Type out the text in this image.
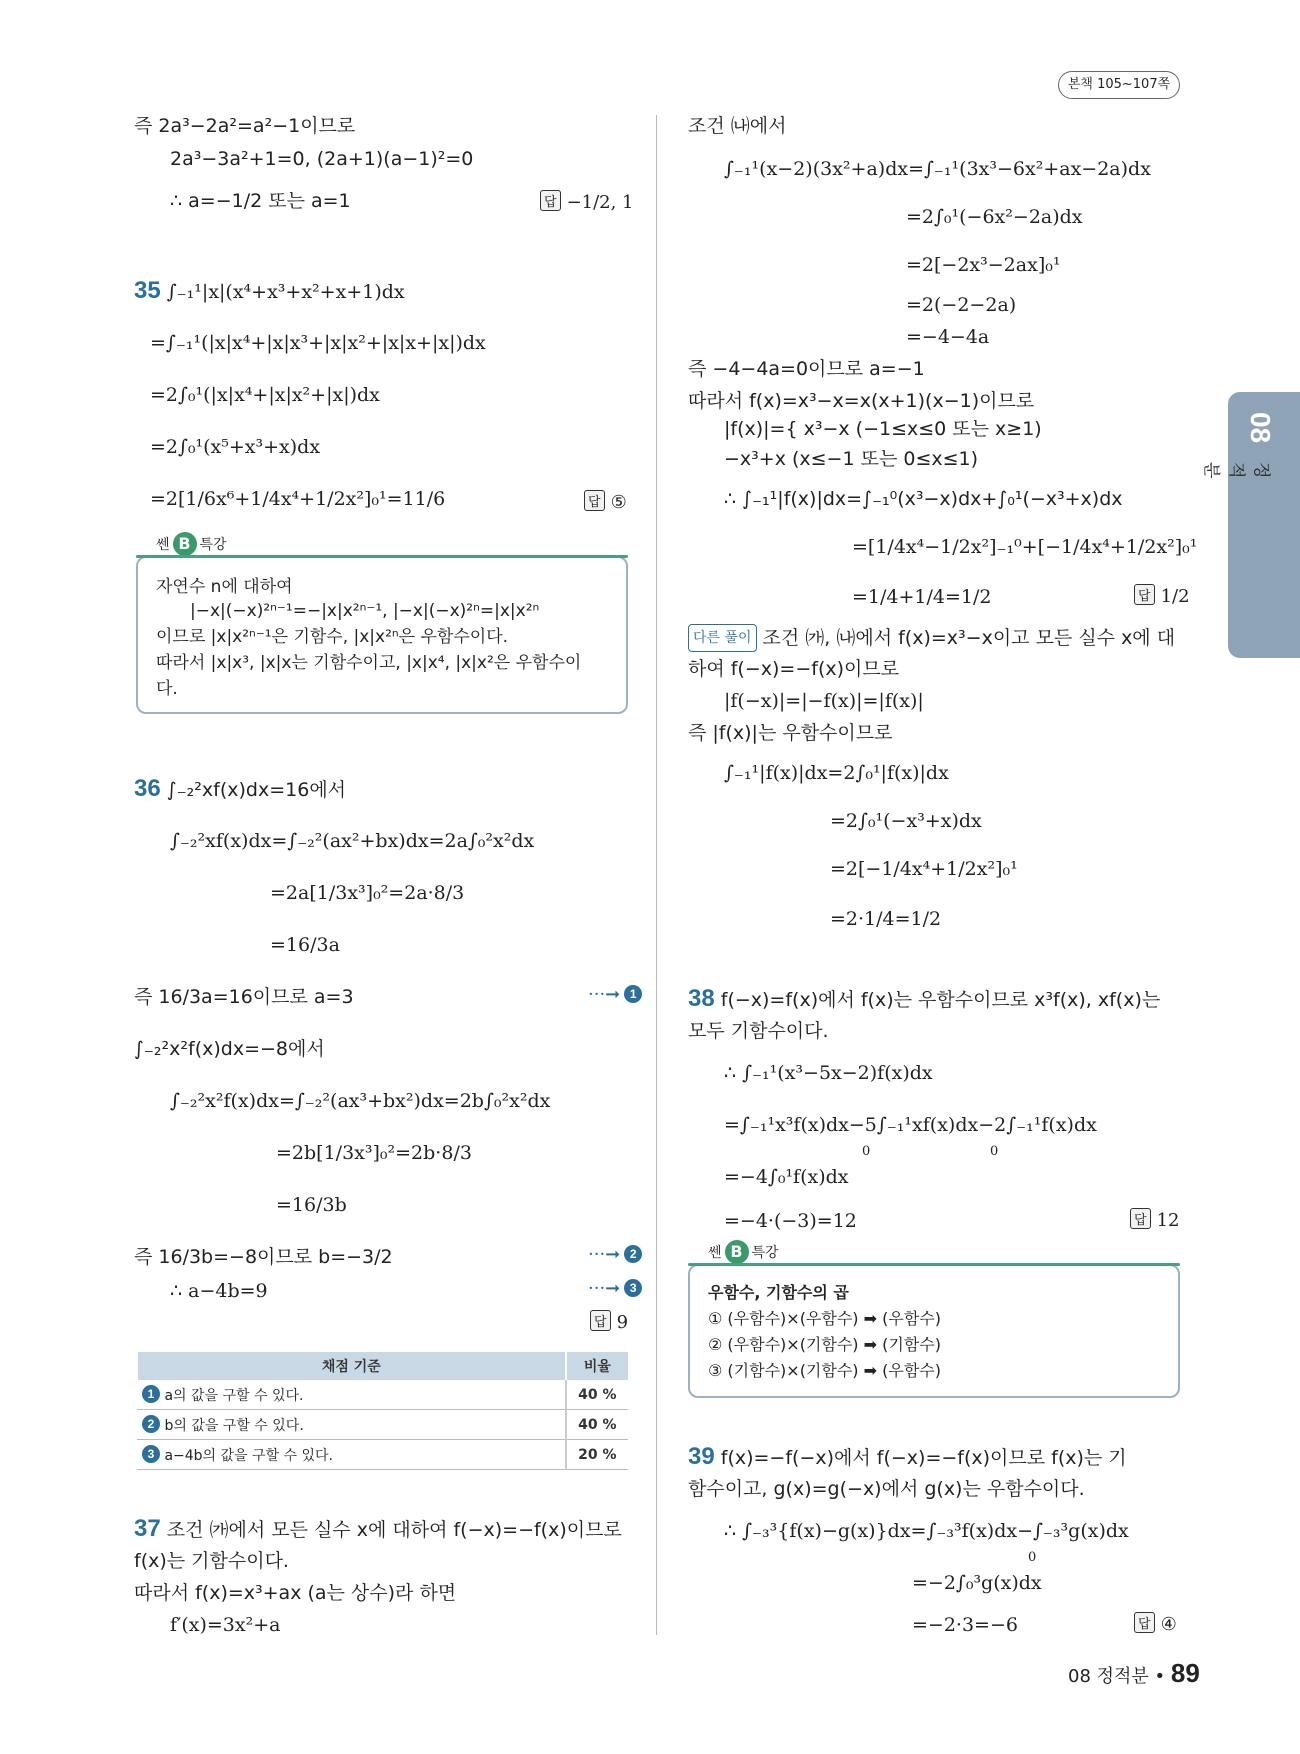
본책 105~107쪽
08
정적분
즉 2a³−2a²=a²−1이므로
2a³−3a²+1=0, (2a+1)(a−1)²=0
∴ a=−1/2 또는 a=1	답 −1/2, 1
35 ∫₋₁¹|x|(x⁴+x³+x²+x+1)dx
=∫₋₁¹(|x|x⁴+|x|x³+|x|x²+|x|x+|x|)dx
=2∫₀¹(|x|x⁴+|x|x²+|x|)dx
=2∫₀¹(x⁵+x³+x)dx
=2[1/6x⁶+1/4x⁴+1/2x²]₀¹=11/6	답 ⑤
쎈 B 특강
자연수 n에 대하여
|−x|(−x)²ⁿ⁻¹=−|x|x²ⁿ⁻¹, |−x|(−x)²ⁿ=|x|x²ⁿ
이므로 |x|x²ⁿ⁻¹은 기함수, |x|x²ⁿ은 우함수이다.
따라서 |x|x³, |x|x는 기함수이고, |x|x⁴, |x|x²은 우함수이
다.
36 ∫₋₂²xf(x)dx=16에서
∫₋₂²xf(x)dx=∫₋₂²(ax²+bx)dx=2a∫₀²x²dx
=2a[1/3x³]₀²=2a·8/3
=16/3a
즉 16/3a=16이므로 a=3	···➞ 1
∫₋₂²x²f(x)dx=−8에서
∫₋₂²x²f(x)dx=∫₋₂²(ax³+bx²)dx=2b∫₀²x²dx
=2b[1/3x³]₀²=2b·8/3
=16/3b
즉 16/3b=−8이므로 b=−3/2	···➞ 2
∴ a−4b=9	···➞ 3
답 9
채점 기준	비율
1 a의 값을 구할 수 있다.	40 %
2 b의 값을 구할 수 있다.	40 %
3 a−4b의 값을 구할 수 있다.	20 %
37 조건 ㈎에서 모든 실수 x에 대하여 f(−x)=−f(x)이므로
f(x)는 기함수이다.
따라서 f(x)=x³+ax (a는 상수)라 하면
f′(x)=3x²+a
조건 ㈏에서
∫₋₁¹(x−2)(3x²+a)dx=∫₋₁¹(3x³−6x²+ax−2a)dx
=2∫₀¹(−6x²−2a)dx
=2[−2x³−2ax]₀¹
=2(−2−2a)
=−4−4a
즉 −4−4a=0이므로 a=−1
따라서 f(x)=x³−x=x(x+1)(x−1)이므로
|f(x)|={ x³−x (−1≤x≤0 또는 x≥1)
−x³+x (x≤−1 또는 0≤x≤1)
∴ ∫₋₁¹|f(x)|dx=∫₋₁⁰(x³−x)dx+∫₀¹(−x³+x)dx
=[1/4x⁴−1/2x²]₋₁⁰+[−1/4x⁴+1/2x²]₀¹
=1/4+1/4=1/2	답 1/2
다른 풀이 조건 ㈎, ㈏에서 f(x)=x³−x이고 모든 실수 x에 대
하여 f(−x)=−f(x)이므로
|f(−x)|=|−f(x)|=|f(x)|
즉 |f(x)|는 우함수이므로
∫₋₁¹|f(x)|dx=2∫₀¹|f(x)|dx
=2∫₀¹(−x³+x)dx
=2[−1/4x⁴+1/2x²]₀¹
=2·1/4=1/2
38 f(−x)=f(x)에서 f(x)는 우함수이므로 x³f(x), xf(x)는
모두 기함수이다.
∴ ∫₋₁¹(x³−5x−2)f(x)dx
=∫₋₁¹x³f(x)dx−5∫₋₁¹xf(x)dx−2∫₋₁¹f(x)dx
0	0
=−4∫₀¹f(x)dx
=−4·(−3)=12	답 12
쎈 B 특강
우함수, 기함수의 곱
① (우함수)×(우함수) ➡ (우함수)
② (우함수)×(기함수) ➡ (기함수)
③ (기함수)×(기함수) ➡ (우함수)
39 f(x)=−f(−x)에서 f(−x)=−f(x)이므로 f(x)는 기
함수이고, g(x)=g(−x)에서 g(x)는 우함수이다.
∴ ∫₋₃³{f(x)−g(x)}dx=∫₋₃³f(x)dx−∫₋₃³g(x)dx
0
=−2∫₀³g(x)dx
=−2·3=−6	답 ④
08 정적분 • 89
